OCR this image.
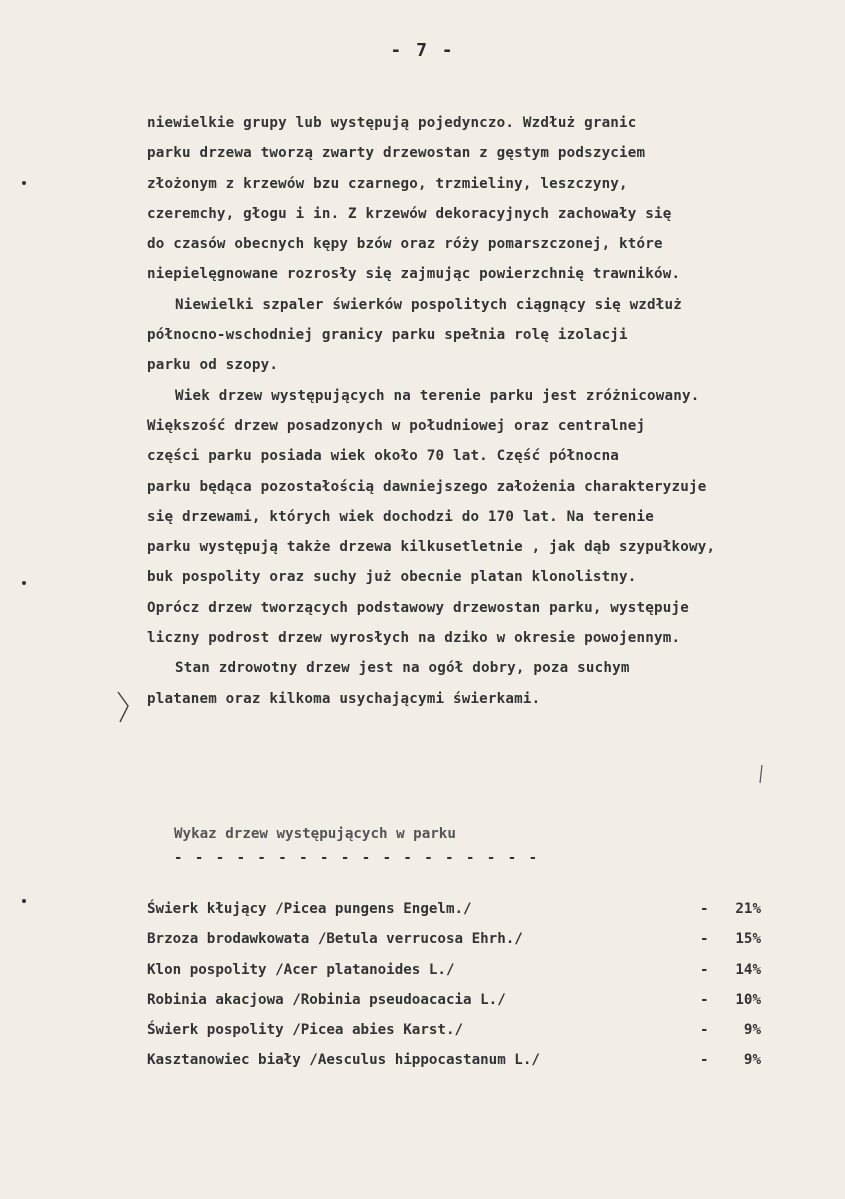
- 7 -
niewielkie grupy lub występują pojedynczo. Wzdłuż granic
parku drzewa tworzą zwarty drzewostan z gęstym podszyciem
złożonym z krzewów bzu czarnego, trzmieliny, leszczyny,
czeremchy, głogu i in. Z krzewów dekoracyjnych zachowały się
do czasów obecnych kępy bzów oraz róży pomarszczonej, które
niepielęgnowane rozrosły się zajmując powierzchnię trawników.
Niewielki szpaler świerków pospolitych ciągnący się wzdłuż
północno-wschodniej granicy parku spełnia rolę izolacji
parku od szopy.
Wiek drzew występujących na terenie parku jest zróżnicowany.
Większość drzew posadzonych w południowej oraz centralnej
części parku posiada wiek około 70 lat. Część północna
parku będąca pozostałością dawniejszego założenia charakteryzuje
się drzewami, których wiek dochodzi do 170 lat. Na terenie
parku występują także drzewa kilkusetletnie , jak dąb szypułkowy,
buk pospolity oraz suchy już obecnie platan klonolistny.
Oprócz drzew tworzących podstawowy drzewostan parku, występuje
liczny podrost drzew wyrosłych na dziko w okresie powojennym.
Stan zdrowotny drzew jest na ogół dobry, poza suchym
platanem oraz kilkoma usychającymi świerkami.
Wykaz drzew występujących w parku
- - - - - - - - - - - - - - - - - -
Świerk kłujący /Picea pungens Engelm./	- 21%
Brzoza brodawkowata /Betula verrucosa Ehrh./	- 15%
Klon pospolity /Acer platanoides L./	- 14%
Robinia akacjowa /Robinia pseudoacacia L./	- 10%
Świerk pospolity /Picea abies Karst./	- 9%
Kasztanowiec biały /Aesculus hippocastanum L./	- 9%
